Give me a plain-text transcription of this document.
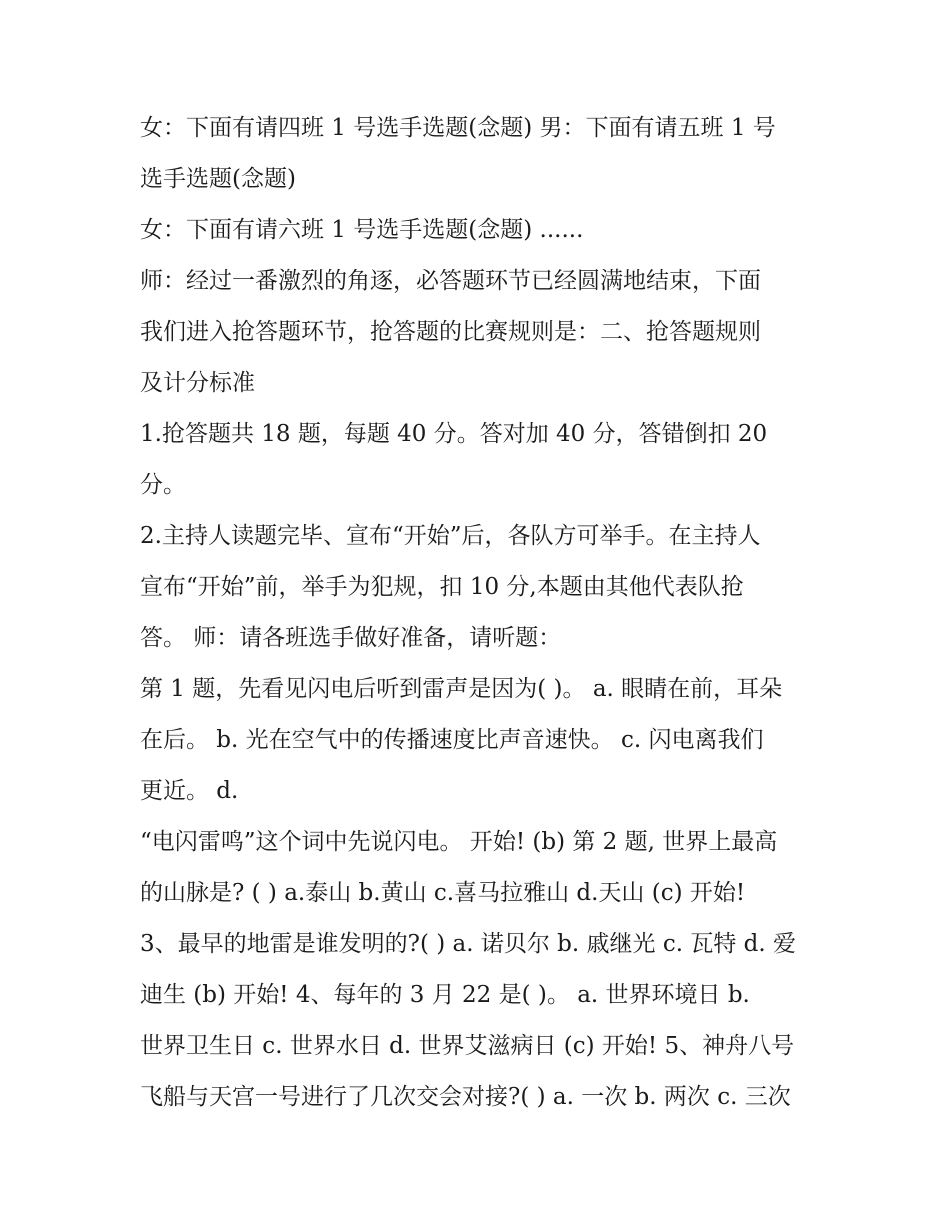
女：下面有请四班 1 号选手选题(念题) 男：下面有请五班 1 号
选手选题(念题)
女：下面有请六班 1 号选手选题(念题) ......
师：经过一番激烈的角逐，必答题环节已经圆满地结束，下面
我们进入抢答题环节，抢答题的比赛规则是：二、抢答题规则
及计分标准
1.抢答题共 18 题，每题 40 分。答对加 40 分，答错倒扣 20
分。
2.主持人读题完毕、宣布“开始”后，各队方可举手。在主持人
宣布“开始”前，举手为犯规，扣 10 分,本题由其他代表队抢
答。 师：请各班选手做好准备，请听题：
第 1 题，先看见闪电后听到雷声是因为( )。 a. 眼睛在前，耳朵
在后。 b. 光在空气中的传播速度比声音速快。 c. 闪电离我们
更近。 d.
“电闪雷鸣”这个词中先说闪电。 开始! (b) 第 2 题, 世界上最高
的山脉是? ( ) a.泰山 b.黄山 c.喜马拉雅山 d.天山 (c) 开始!
3、最早的地雷是谁发明的?( ) a. 诺贝尔 b. 戚继光 c. 瓦特 d. 爱
迪生 (b) 开始! 4、每年的 3 月 22 是( )。 a. 世界环境日 b.
世界卫生日 c. 世界水日 d. 世界艾滋病日 (c) 开始! 5、神舟八号
飞船与天宫一号进行了几次交会对接?( ) a. 一次 b. 两次 c. 三次
